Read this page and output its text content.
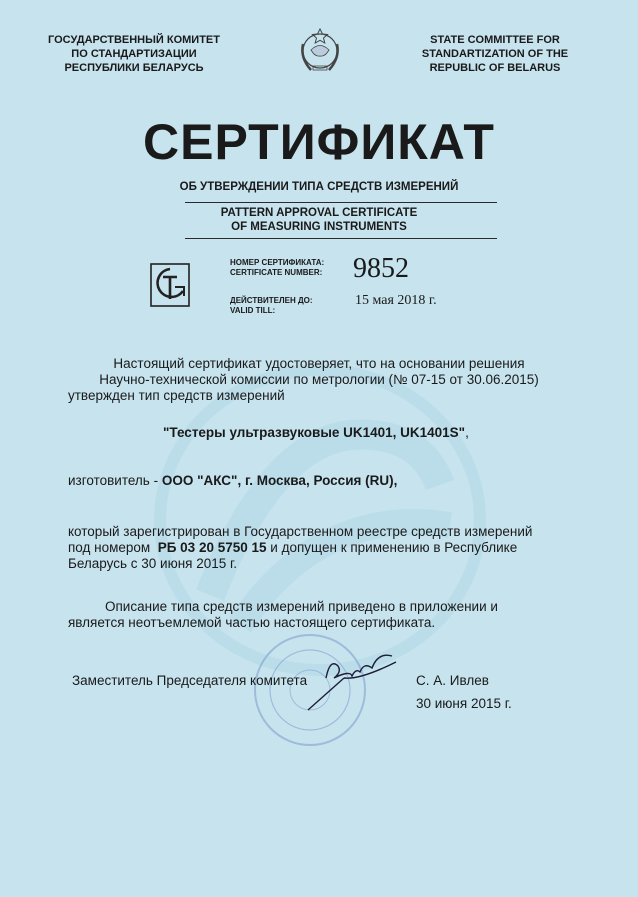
ГОСУДАРСТВЕННЫЙ КОМИТЕТ
ПО СТАНДАРТИЗАЦИИ
РЕСПУБЛИКИ БЕЛАРУСЬ
STATE COMMITTEE FOR
STANDARTIZATION OF THE
REPUBLIC OF BELARUS
СЕРТИФИКАТ
ОБ УТВЕРЖДЕНИИ ТИПА СРЕДСТВ ИЗМЕРЕНИЙ
PATTERN APPROVAL CERTIFICATE
OF MEASURING INSTRUMENTS
НОМЕР СЕРТИФИКАТА:
CERTIFICATE NUMBER: 9852
ДЕЙСТВИТЕЛЕН ДО:
VALID TILL:
15 мая 2018 г.
Настоящий сертификат удостоверяет, что на основании решения
Научно-технической комиссии по метрологии (№ 07-15 от 30.06.2015)
утвержден тип средств измерений
"Тестеры ультразвуковые UK1401, UK1401S",
изготовитель - ООО "АКС", г. Москва, Россия (RU),
который зарегистрирован в Государственном реестре средств измерений
под номером РБ 03 20 5750 15 и допущен к применению в Республике
Беларусь с 30 июня 2015 г.
Описание типа средств измерений приведено в приложении и
является неотъемлемой частью настоящего сертификата.
Заместитель Председателя комитета	С. А. Ивлев
30 июня 2015 г.
